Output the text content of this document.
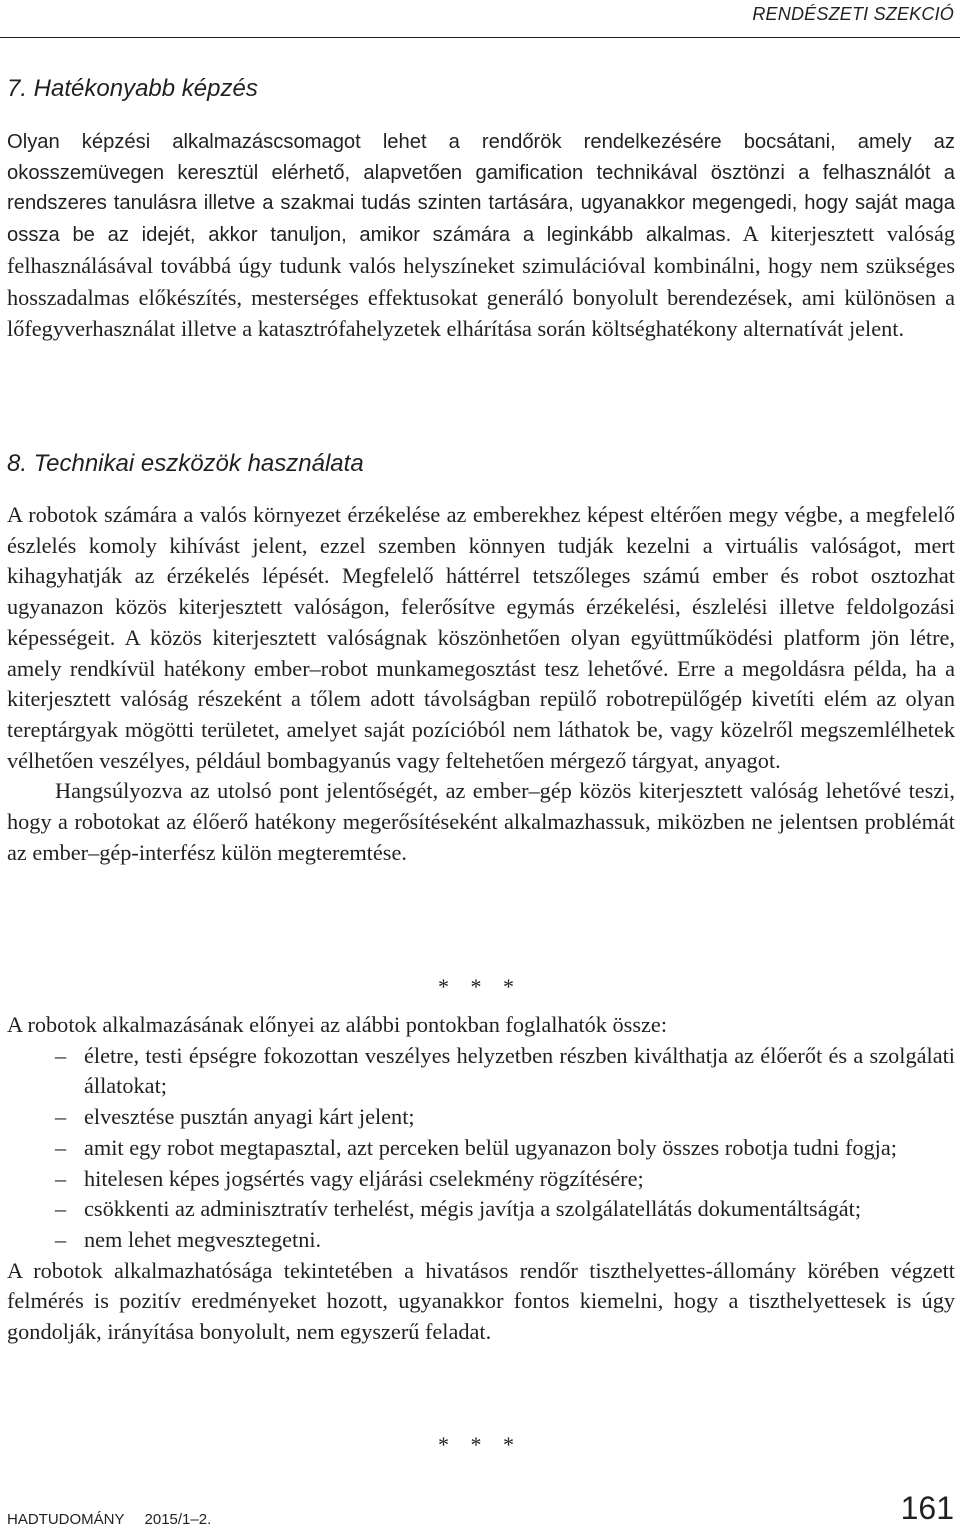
RENDÉSZETI SZEKCIÓ
7. Hatékonyabb képzés

Olyan képzési alkalmazáscsomagot lehet a rendőrök rendelkezésére bocsátani, amely az okosszemüvegen keresztül elérhető, alapvetően gamification technikával ösztönzi a felhasználót a rendszeres tanulásra illetve a szakmai tudás szinten tartására, ugyanakkor megengedi, hogy saját maga ossza be az idejét, akkor tanuljon, amikor számára a leginkább alkalmas. A kiterjesztett valóság felhasználásával továbbá úgy tudunk valós helyszíneket szimulációval kombinálni, hogy nem szükséges hosszadalmas előkészítés, mesterséges effektusokat generáló bonyolult berendezések, ami különösen a lőfegyverhasználat illetve a katasztrófahelyzetek elhárítása során költséghatékony alternatívát jelent.

8. Technikai eszközök használata

A robotok számára a valós környezet érzékelése az emberekhez képest eltérően megy végbe, a megfelelő észlelés komoly kihívást jelent, ezzel szemben könnyen tudják kezelni a virtuális valóságot, mert kihagyhatják az érzékelés lépését. Megfelelő háttérrel tetszőleges számú ember és robot osztozhat ugyanazon közös kiterjesztett valóságon, felerősítve egymás érzékelési, észlelési illetve feldolgozási képességeit. A közös kiterjesztett valóságnak köszönhetően olyan együttműködési platform jön létre, amely rendkívül hatékony ember–robot munkamegosztást tesz lehetővé. Erre a megoldásra példa, ha a kiterjesztett valóság részeként a tőlem adott távolságban repülő robotrepülőgép kivetíti elém az olyan tereptárgyak mögötti területet, amelyet saját pozícióból nem láthatok be, vagy közelről megszemlélhetek vélhetően veszélyes, például bombagyanús vagy feltehetően mérgező tárgyat, anyagot.

Hangsúlyozva az utolsó pont jelentőségét, az ember–gép közös kiterjesztett valóság lehetővé teszi, hogy a robotokat az élőerő hatékony megerősítéseként alkalmazhassuk, miközben ne jelentsen problémát az ember–gép-interfész külön megteremtése.

* * *

A robotok alkalmazásának előnyei az alábbi pontokban foglalhatók össze:

– életre, testi épségre fokozottan veszélyes helyzetben részben kiválthatja az élőerőt és a szolgálati állatokat;
– elvesztése pusztán anyagi kárt jelent;
– amit egy robot megtapasztal, azt perceken belül ugyanazon boly összes robotja tudni fogja;
– hitelesen képes jogsértés vagy eljárási cselekmény rögzítésére;
– csökkenti az adminisztratív terhelést, mégis javítja a szolgálatellátás dokumentáltságát;
– nem lehet megvesztegetni.

A robotok alkalmazhatósága tekintetében a hivatásos rendőr tiszthelyettes-állomány körében végzett felmérés is pozitív eredményeket hozott, ugyanakkor fontos kiemelni, hogy a tiszthelyettesek is úgy gondolják, irányítása bonyolult, nem egyszerű feladat.

* * *
HADTUDOMÁNY 2015/1–2.	161
